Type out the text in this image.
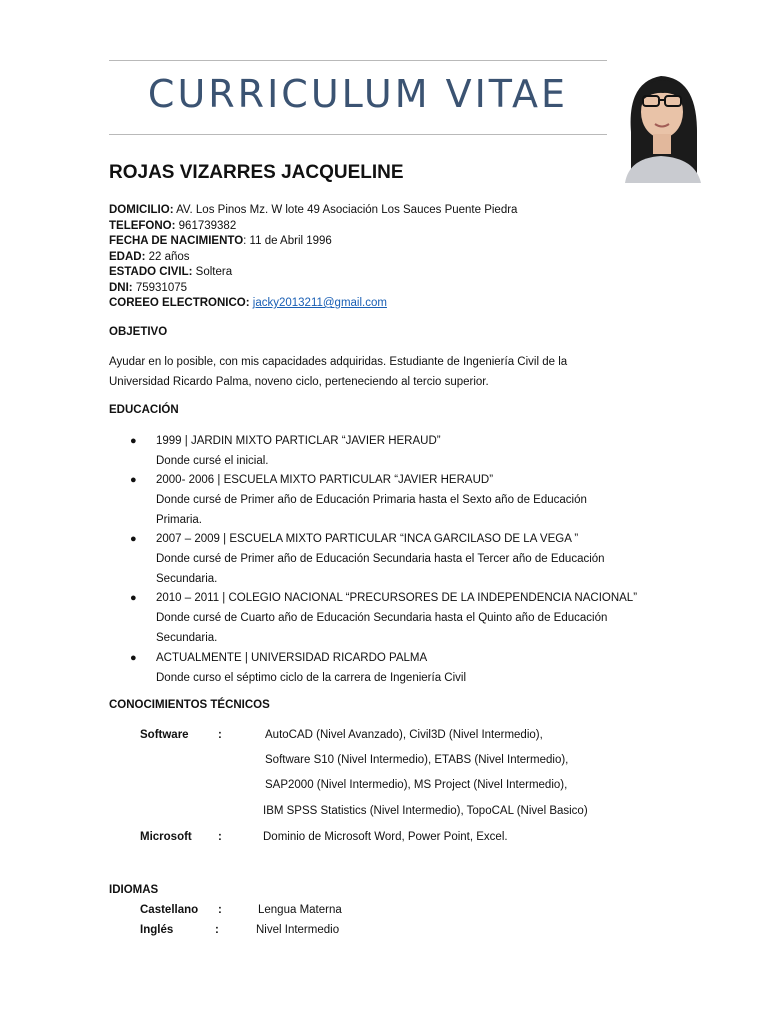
CURRICULUM VITAE
ROJAS VIZARRES JACQUELINE
DOMICILIO: AV. Los Pinos Mz. W lote 49 Asociación Los Sauces Puente Piedra
TELEFONO: 961739382
FECHA DE NACIMIENTO: 11 de Abril 1996
EDAD: 22 años
ESTADO CIVIL: Soltera
DNI: 75931075
COREEO ELECTRONICO: jacky2013211@gmail.com
OBJETIVO
Ayudar en lo posible, con mis capacidades adquiridas. Estudiante de Ingeniería Civil de la
Universidad Ricardo Palma, noveno ciclo, perteneciendo al tercio superior.
EDUCACIÓN
● 1999 | JARDIN MIXTO PARTICLAR “JAVIER HERAUD”
Donde cursé el inicial.
● 2000- 2006 | ESCUELA MIXTO PARTICULAR “JAVIER HERAUD”
Donde cursé de Primer año de Educación Primaria hasta el Sexto año de Educación
Primaria.
● 2007 – 2009 | ESCUELA MIXTO PARTICULAR “INCA GARCILASO DE LA VEGA ”
Donde cursé de Primer año de Educación Secundaria hasta el Tercer año de Educación
Secundaria.
● 2010 – 2011 | COLEGIO NACIONAL “PRECURSORES DE LA INDEPENDENCIA NACIONAL”
Donde cursé de Cuarto año de Educación Secundaria hasta el Quinto año de Educación
Secundaria.
● ACTUALMENTE | UNIVERSIDAD RICARDO PALMA
Donde curso el séptimo ciclo de la carrera de Ingeniería Civil
CONOCIMIENTOS TÉCNICOS
Software	:	AutoCAD (Nivel Avanzado), Civil3D (Nivel Intermedio),
Software S10 (Nivel Intermedio), ETABS (Nivel Intermedio),
SAP2000 (Nivel Intermedio), MS Project (Nivel Intermedio),
IBM SPSS Statistics (Nivel Intermedio), TopoCAL (Nivel Basico)
Microsoft :	Dominio de Microsoft Word, Power Point, Excel.
IDIOMAS
Castellano :	Lengua Materna
Inglés	:	Nivel Intermedio
